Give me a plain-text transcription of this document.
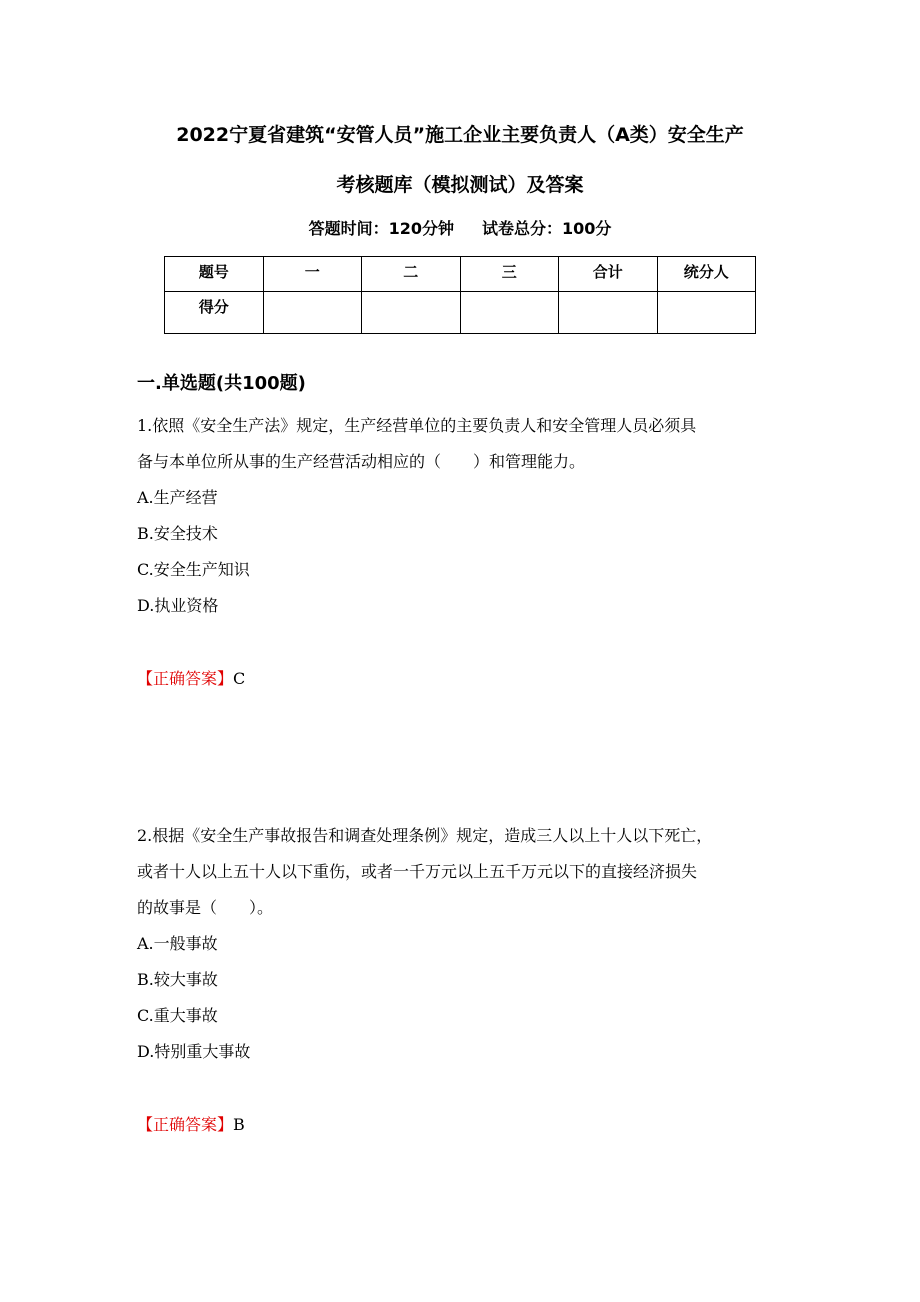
2022宁夏省建筑“安管人员”施工企业主要负责人（A类）安全生产
考核题库（模拟测试）及答案
答题时间：120分钟 试卷总分：100分
题号	一	二	三	合计	统分人
得分					
一.单选题(共100题)
1.依照《安全生产法》规定，生产经营单位的主要负责人和安全管理人员必须具
备与本单位所从事的生产经营活动相应的（　　）和管理能力。
A.生产经营
B.安全技术
C.安全生产知识
D.执业资格
【正确答案】C
2.根据《安全生产事故报告和调查处理条例》规定，造成三人以上十人以下死亡，
或者十人以上五十人以下重伤，或者一千万元以上五千万元以下的直接经济损失
的故事是（　　）。
A.一般事故
B.较大事故
C.重大事故
D.特别重大事故
【正确答案】B
